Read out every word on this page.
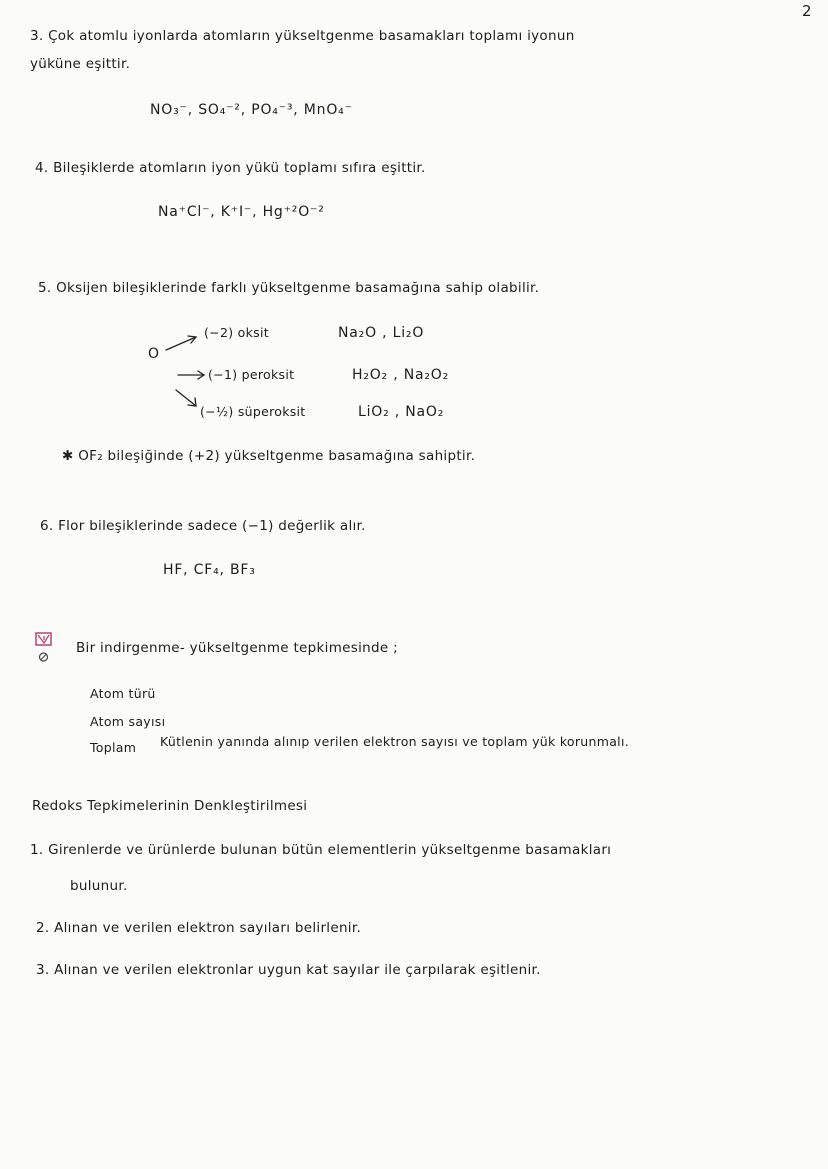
2
3. Çok atomlu iyonlarda atomların yükseltgenme basamakları toplamı iyonun
yüküne eşittir.
NO₃⁻, SO₄⁻², PO₄⁻³, MnO₄⁻
4. Bileşiklerde atomların iyon yükü toplamı sıfıra eşittir.
Na⁺Cl⁻, K⁺I⁻, Hg⁺²O⁻²
5. Oksijen bileşiklerinde farklı yükseltgenme basamağına sahip olabilir.
O
(−2) oksit	Na₂O , Li₂O
(−1) peroksit	H₂O₂ , Na₂O₂
(−½) süperoksit	LiO₂ , NaO₂
✱ OF₂ bileşiğinde (+2) yükseltgenme basamağına sahiptir.
6. Flor bileşiklerinde sadece (−1) değerlik alır.
HF, CF₄, BF₃
Bir indirgenme- yükseltgenme tepkimesinde ;
Atom türü
Atom sayısı
Toplam Kütlenin yanında alınıp verilen elektron sayısı ve toplam yük korunmalı.
Redoks Tepkimelerinin Denkleştirilmesi
1. Girenlerde ve ürünlerde bulunan bütün elementlerin yükseltgenme basamakları
bulunur.
2. Alınan ve verilen elektron sayıları belirlenir.
3. Alınan ve verilen elektronlar uygun kat sayılar ile çarpılarak eşitlenir.
